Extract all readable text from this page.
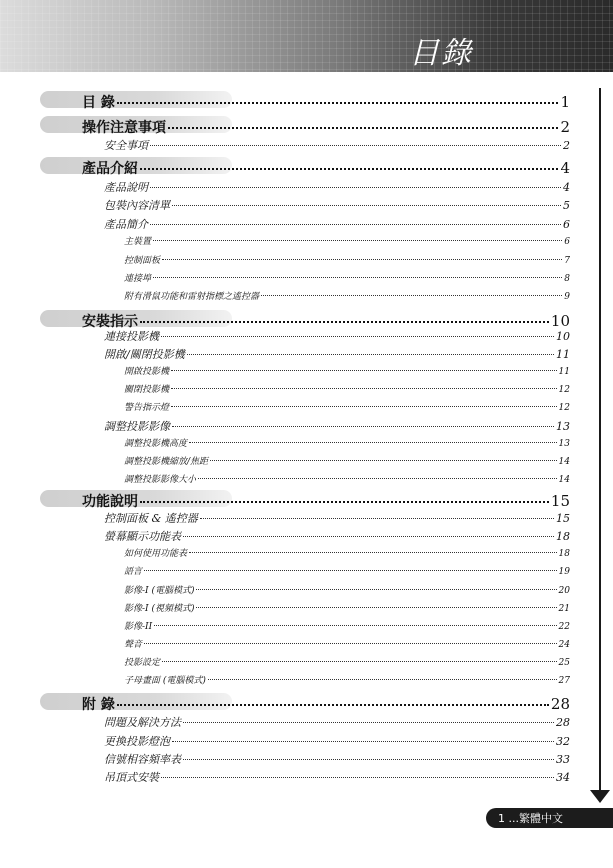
目錄
目 錄	1
操作注意事項	2
安全事項	2
產品介紹	4
產品說明	4
包裝內容清單	5
產品簡介	6
主裝置	6
控制面板	7
連接埠	8
附有滑鼠功能和雷射指標之遙控器	9
安裝指示	10
連接投影機	10
開啟/關閉投影機	11
開啟投影機	11
關閉投影機	12
警告指示燈	12
調整投影影像	13
調整投影機高度	13
調整投影機縮放/焦距	14
調整投影影像大小	14
功能說明	15
控制面板 & 遙控器	15
螢幕顯示功能表	18
如何使用功能表	18
語言	19
影像-I (電腦模式)	20
影像-I (視頻模式)	21
影像-II	22
聲音	24
投影設定	25
子母畫面 (電腦模式)	27
附 錄	28
問題及解決方法	28
更換投影燈泡	32
信號相容頻率表	33
吊頂式安裝	34
1 ...繁體中文
